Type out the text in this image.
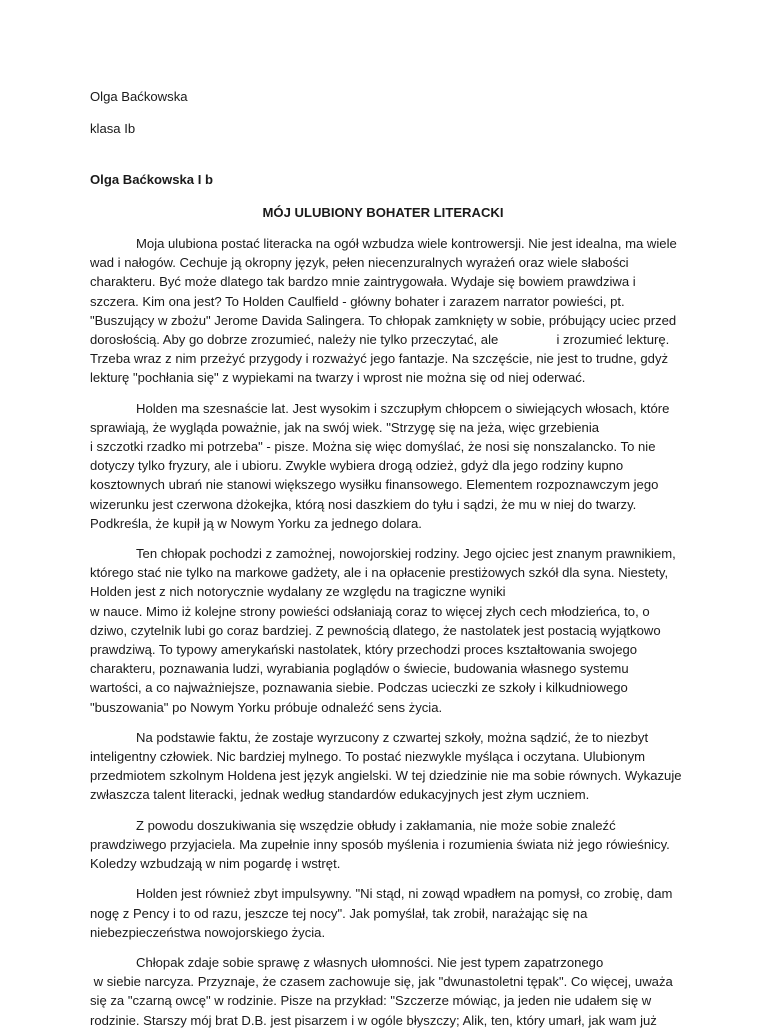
Olga Baćkowska
klasa Ib
Olga Baćkowska I b
MÓJ ULUBIONY BOHATER LITERACKI
Moja ulubiona postać literacka na ogół wzbudza wiele kontrowersji. Nie jest idealna, ma wiele
wad i nałogów. Cechuje ją okropny język, pełen niecenzuralnych wyrażeń oraz wiele słabości
charakteru. Być może dlatego tak bardzo mnie zaintrygowała. Wydaje się bowiem prawdziwa i
szczera. Kim ona jest? To Holden Caulfield - główny bohater i zarazem narrator powieści, pt.
"Buszujący w zbożu" Jerome Davida Salingera. To chłopak zamknięty w sobie, próbujący uciec przed
dorosłością. Aby go dobrze zrozumieć, należy nie tylko przeczytać, ale                i zrozumieć lekturę.
Trzeba wraz z nim przeżyć przygody i rozważyć jego fantazje. Na szczęście, nie jest to trudne, gdyż
lekturę "pochłania się" z wypiekami na twarzy i wprost nie można się od niej oderwać.
Holden ma szesnaście lat. Jest wysokim i szczupłym chłopcem o siwiejących włosach, które
sprawiają, że wygląda poważnie, jak na swój wiek. "Strzygę się na jeża, więc grzebienia
i szczotki rzadko mi potrzeba" - pisze. Można się więc domyślać, że nosi się nonszalancko. To nie
dotyczy tylko fryzury, ale i ubioru. Zwykle wybiera drogą odzież, gdyż dla jego rodziny kupno
kosztownych ubrań nie stanowi większego wysiłku finansowego. Elementem rozpoznawczym jego
wizerunku jest czerwona dżokejka, którą nosi daszkiem do tyłu i sądzi, że mu w niej do twarzy.
Podkreśla, że kupił ją w Nowym Yorku za jednego dolara.
Ten chłopak pochodzi z zamożnej, nowojorskiej rodziny. Jego ojciec jest znanym prawnikiem,
którego stać nie tylko na markowe gadżety, ale i na opłacenie prestiżowych szkół dla syna. Niestety,
Holden jest z nich notorycznie wydalany ze względu na tragiczne wyniki
w nauce. Mimo iż kolejne strony powieści odsłaniają coraz to więcej złych cech młodzieńca, to, o
dziwo, czytelnik lubi go coraz bardziej. Z pewnością dlatego, że nastolatek jest postacią wyjątkowo
prawdziwą. To typowy amerykański nastolatek, który przechodzi proces kształtowania swojego
charakteru, poznawania ludzi, wyrabiania poglądów o świecie, budowania własnego systemu
wartości, a co najważniejsze, poznawania siebie. Podczas ucieczki ze szkoły i kilkudniowego
"buszowania" po Nowym Yorku próbuje odnaleźć sens życia.
Na podstawie faktu, że zostaje wyrzucony z czwartej szkoły, można sądzić, że to niezbyt
inteligentny człowiek. Nic bardziej mylnego. To postać niezwykle myśląca i oczytana. Ulubionym
przedmiotem szkolnym Holdena jest język angielski. W tej dziedzinie nie ma sobie równych. Wykazuje
zwłaszcza talent literacki, jednak według standardów edukacyjnych jest złym uczniem.
Z powodu doszukiwania się wszędzie obłudy i zakłamania, nie może sobie znaleźć
prawdziwego przyjaciela. Ma zupełnie inny sposób myślenia i rozumienia świata niż jego rówieśnicy.
Koledzy wzbudzają w nim pogardę i wstręt.
Holden jest również zbyt impulsywny. "Ni stąd, ni zowąd wpadłem na pomysł, co zrobię, dam
nogę z Pency i to od razu, jeszcze tej nocy". Jak pomyślał, tak zrobił, narażając się na
niebezpieczeństwa nowojorskiego życia.
Chłopak zdaje sobie sprawę z własnych ułomności. Nie jest typem zapatrzonego
w siebie narcyza. Przyznaje, że czasem zachowuje się, jak "dwunastoletni tępak". Co więcej, uważa
się za "czarną owcę" w rodzinie. Pisze na przykład: "Szczerze mówiąc, ja jeden nie udałem się w
rodzinie. Starszy mój brat D.B. jest pisarzem i w ogóle błyszczy; Alik, ten, który umarł, jak wam już
